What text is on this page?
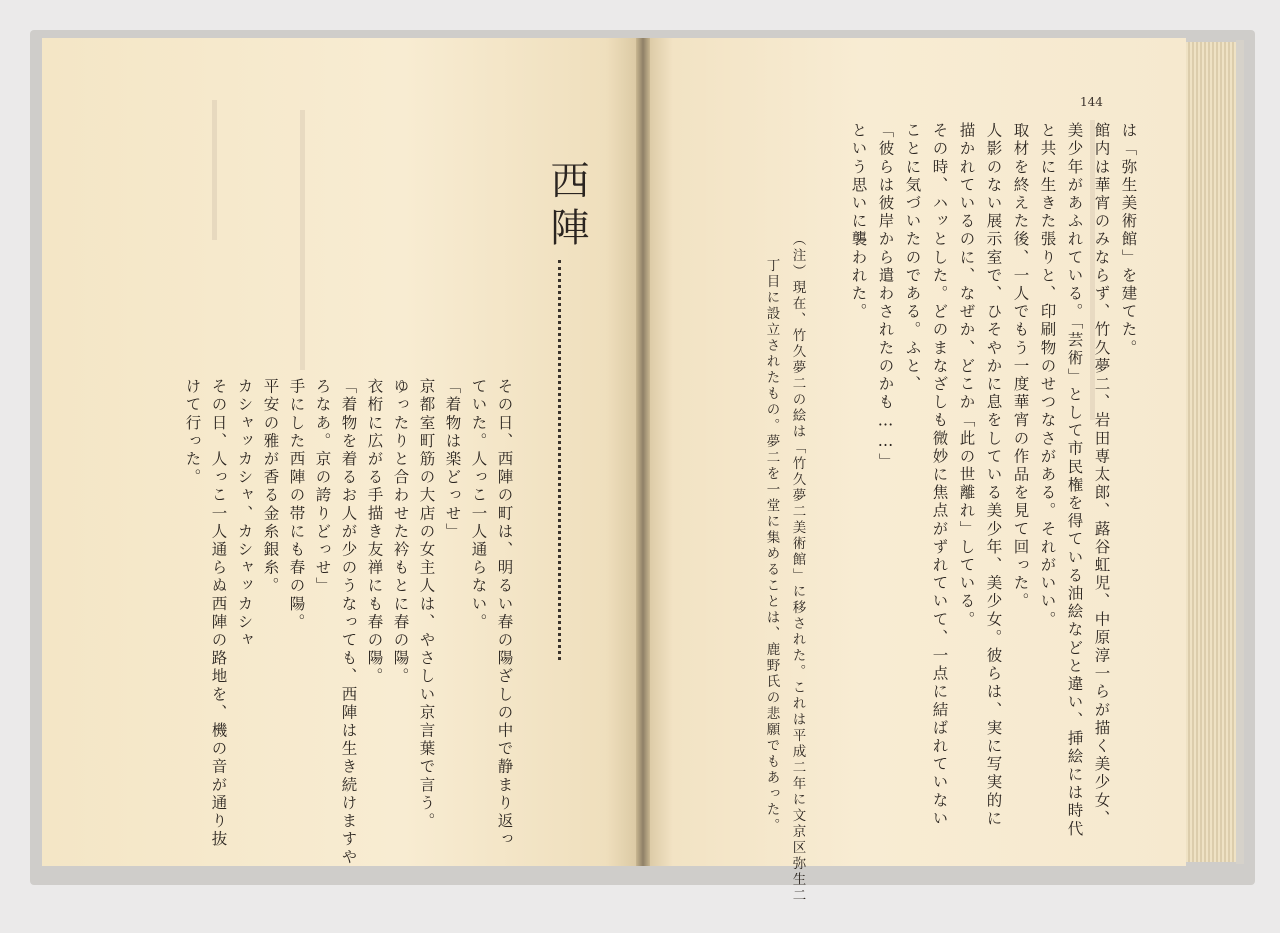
西陣
その日、西陣の町は、明るい春の陽ざしの中で静まり返っ
ていた。人っこ一人通らない。
「着物は楽どっせ」
京都室町筋の大店の女主人は、やさしい京言葉で言う。
ゆったりと合わせた衿もとに春の陽。
衣桁に広がる手描き友禅にも春の陽。
「着物を着るお人が少のうなっても、西陣は生き続けますや
ろなあ。京の誇りどっせ」
手にした西陣の帯にも春の陽。
平安の雅が香る金糸銀糸。
カシャッカシャ、カシャッカシャ
その日、人っこ一人通らぬ西陣の路地を、機の音が通り抜
けて行った。
144
は「弥生美術館」を建てた。
館内は華宵のみならず、竹久夢二、岩田専太郎、蕗谷虹児、中原淳一らが描く美少女、
美少年があふれている。「芸術」として市民権を得ている油絵などと違い、挿絵には時代
と共に生きた張りと、印刷物のせつなさがある。それがいい。
取材を終えた後、一人でもう一度華宵の作品を見て回った。
人影のない展示室で、ひそやかに息をしている美少年、美少女。彼らは、実に写実的に
描かれているのに、なぜか、どこか「此の世離れ」している。
その時、ハッとした。どのまなざしも微妙に焦点がずれていて、一点に結ばれていない
ことに気づいたのである。ふと、
「彼らは彼岸から遣わされたのかも……」
という思いに襲われた。
（注）現在、竹久夢二の絵は「竹久夢二美術館」に移された。これは平成二年に文京区弥生二
丁目に設立されたもの。夢二を一堂に集めることは、鹿野氏の悲願でもあった。
